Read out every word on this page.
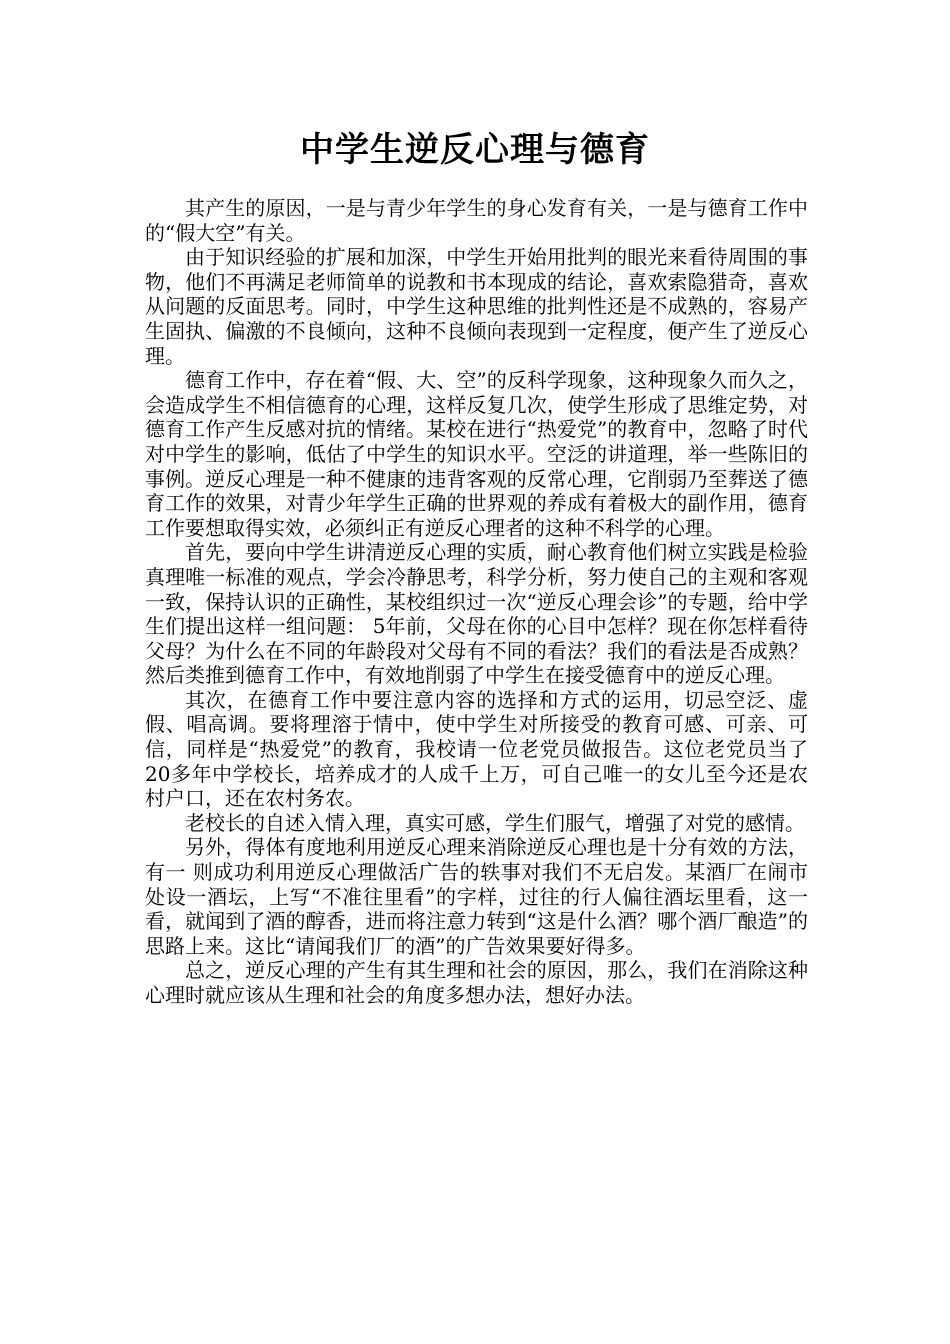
中学生逆反心理与德育

其产生的原因，一是与青少年学生的身心发育有关，一是与德育工作中的“假大空”有关。

由于知识经验的扩展和加深，中学生开始用批判的眼光来看待周围的事物，他们不再满足老师简单的说教和书本现成的结论，喜欢索隐猎奇，喜欢从问题的反面思考。同时，中学生这种思维的批判性还是不成熟的，容易产生固执、偏激的不良倾向，这种不良倾向表现到一定程度，便产生了逆反心理。

德育工作中，存在着“假、大、空”的反科学现象，这种现象久而久之，会造成学生不相信德育的心理，这样反复几次，使学生形成了思维定势，对德育工作产生反感对抗的情绪。某校在进行“热爱党”的教育中，忽略了时代对中学生的影响，低估了中学生的知识水平。空泛的讲道理，举一些陈旧的事例。逆反心理是一种不健康的违背客观的反常心理，它削弱乃至葬送了德育工作的效果，对青少年学生正确的世界观的养成有着极大的副作用，德育工作要想取得实效，必须纠正有逆反心理者的这种不科学的心理。

首先，要向中学生讲清逆反心理的实质，耐心教育他们树立实践是检验真理唯一标准的观点，学会冷静思考，科学分析，努力使自己的主观和客观一致，保持认识的正确性，某校组织过一次“逆反心理会诊”的专题，给中学生们提出这样一组问题： 5年前，父母在你的心目中怎样？现在你怎样看待父母？为什么在不同的年龄段对父母有不同的看法？我们的看法是否成熟？然后类推到德育工作中，有效地削弱了中学生在接受德育中的逆反心理。

其次，在德育工作中要注意内容的选择和方式的运用，切忌空泛、虚假、唱高调。要将理溶于情中，使中学生对所接受的教育可感、可亲、可信，同样是“热爱党”的教育，我校请一位老党员做报告。这位老党员当了20多年中学校长，培养成才的人成千上万，可自己唯一的女儿至今还是农村户口，还在农村务农。

老校长的自述入情入理，真实可感，学生们服气，增强了对党的感情。

另外，得体有度地利用逆反心理来消除逆反心理也是十分有效的方法，有一 则成功利用逆反心理做活广告的轶事对我们不无启发。某酒厂在闹市处设一酒坛，上写“不准往里看”的字样，过往的行人偏往酒坛里看，这一看，就闻到了酒的醇香，进而将注意力转到“这是什么酒？哪个酒厂酿造”的思路上来。这比“请闻我们厂的酒”的广告效果要好得多。

总之，逆反心理的产生有其生理和社会的原因，那么，我们在消除这种心理时就应该从生理和社会的角度多想办法，想好办法。
